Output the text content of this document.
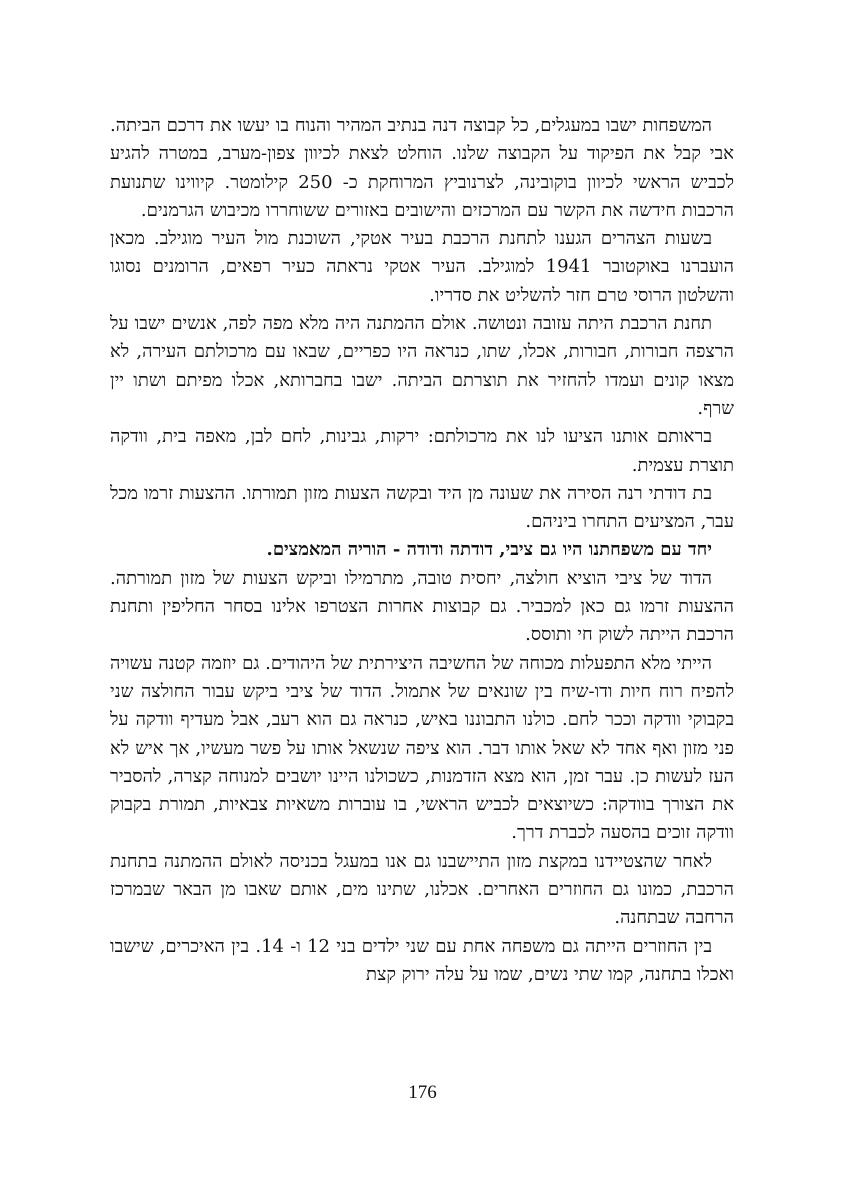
המשפחות ישבו במעגלים, כל קבוצה דנה בנתיב המהיר והנוח בו יעשו את דרכם הביתה. אבי קבל את הפיקוד על הקבוצה שלנו. הוחלט לצאת לכיוון צפון-מערב, במטרה להגיע לכביש הראשי לכיוון בוקובינה, לצרנוביץ המרוחקת כ- 250 קילומטר. קיווינו שתנועת הרכבות חידשה את הקשר עם המרכזים והישובים באזורים ששוחררו מכיבוש הגרמנים.

בשעות הצהרים הגענו לתחנת הרכבת בעיר אטקי, השוכנת מול העיר מוגילב. מכאן הועברנו באוקטובר 1941 למוגילב. העיר אטקי נראתה כעיר רפאים, הרומנים נסוגו והשלטון הרוסי טרם חזר להשליט את סדריו.

תחנת הרכבת היתה עזובה ונטושה. אולם ההמתנה היה מלא מפה לפה, אנשים ישבו על הרצפה חבורות, חבורות, אכלו, שתו, כנראה היו כפריים, שבאו עם מרכולתם העירה, לא מצאו קונים ועמדו להחזיר את תוצרתם הביתה. ישבו בחברותא, אכלו מפיתם ושתו יין שרף.

בראותם אותנו הציעו לנו את מרכולתם: ירקות, גבינות, לחם לבן, מאפה בית, וודקה תוצרת עצמית.

בת דודתי רנה הסירה את שעונה מן היד ובקשה הצעות מזון תמורתו. ההצעות זרמו מכל עבר, המציעים התחרו ביניהם.

יחד עם משפחתנו היו גם ציבי, דודתה ודודה - הוריה המאמצים.

הדוד של ציבי הוציא חולצה, יחסית טובה, מתרמילו וביקש הצעות של מזון תמורתה. ההצעות זרמו גם כאן למכביר. גם קבוצות אחרות הצטרפו אלינו בסחר החליפין ותחנת הרכבת הייתה לשוק חי ותוסס.

הייתי מלא התפעלות מכוחה של החשיבה היצירתית של היהודים. גם יוזמה קטנה עשויה להפיח רוח חיות ודו-שיח בין שונאים של אתמול. הדוד של ציבי ביקש עבור החולצה שני בקבוקי וודקה וככר לחם. כולנו התבוננו באיש, כנראה גם הוא רעב, אבל מעדיף וודקה על פני מזון ואף אחד לא שאל אותו דבר. הוא ציפה שנשאל אותו על פשר מעשיו, אך איש לא העז לעשות כן. עבר זמן, הוא מצא הזדמנות, כשכולנו היינו יושבים למנוחה קצרה, להסביר את הצורך בוודקה: כשיוצאים לכביש הראשי, בו עוברות משאיות צבאיות, תמורת בקבוק וודקה זוכים בהסעה לכברת דרך.

לאחר שהצטיידנו במקצת מזון התיישבנו גם אנו במעגל בכניסה לאולם ההמתנה בתחנת הרכבת, כמונו גם החוזרים האחרים. אכלנו, שתינו מים, אותם שאבו מן הבאר שבמרכז הרחבה שבתחנה.

בין החוזרים הייתה גם משפחה אחת עם שני ילדים בני 12 ו- 14. בין האיכרים, שישבו ואכלו בתחנה, קמו שתי נשים, שמו על עלה ירוק קצת

176
